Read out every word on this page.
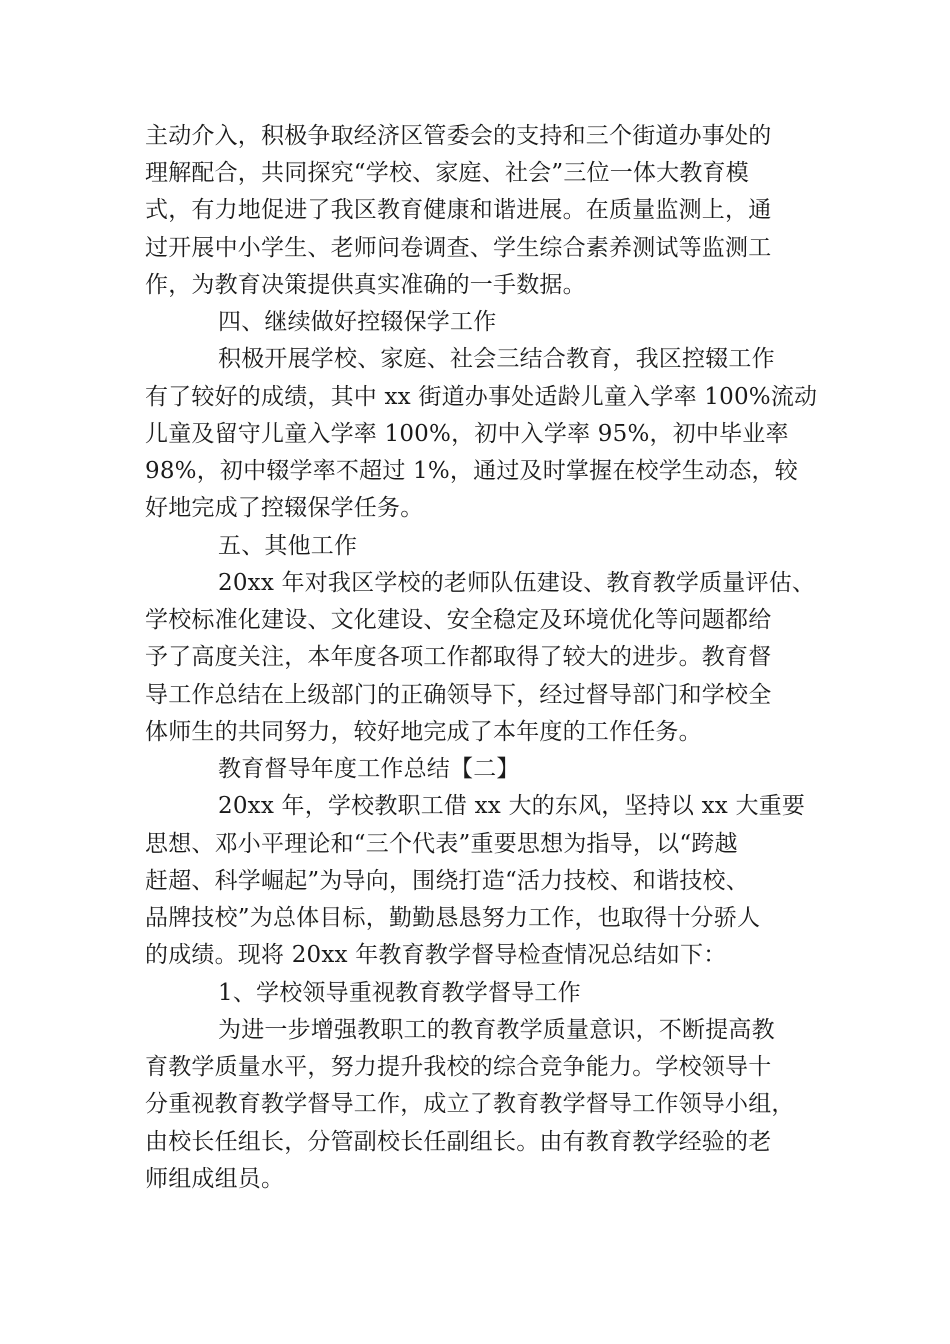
主动介入，积极争取经济区管委会的支持和三个街道办事处的

理解配合，共同探究“学校、家庭、社会”三位一体大教育模

式，有力地促进了我区教育健康和谐进展。在质量监测上，通

过开展中小学生、老师问卷调查、学生综合素养测试等监测工

作，为教育决策提供真实准确的一手数据。

四、继续做好控辍保学工作

积极开展学校、家庭、社会三结合教育，我区控辍工作

有了较好的成绩，其中 xx 街道办事处适龄儿童入学率 100%流动

儿童及留守儿童入学率 100%，初中入学率 95%，初中毕业率

98%，初中辍学率不超过 1%，通过及时掌握在校学生动态，较

好地完成了控辍保学任务。

五、其他工作

20xx 年对我区学校的老师队伍建设、教育教学质量评估、

学校标准化建设、文化建设、安全稳定及环境优化等问题都给

予了高度关注，本年度各项工作都取得了较大的进步。教育督

导工作总结在上级部门的正确领导下，经过督导部门和学校全

体师生的共同努力，较好地完成了本年度的工作任务。

教育督导年度工作总结【二】

20xx 年，学校教职工借 xx 大的东风，坚持以 xx 大重要

思想、邓小平理论和“三个代表”重要思想为指导，以“跨越

赶超、科学崛起”为导向，围绕打造“活力技校、和谐技校、

品牌技校”为总体目标，勤勤恳恳努力工作，也取得十分骄人

的成绩。现将 20xx 年教育教学督导检查情况总结如下：

1、学校领导重视教育教学督导工作

为进一步增强教职工的教育教学质量意识，不断提高教

育教学质量水平，努力提升我校的综合竞争能力。学校领导十

分重视教育教学督导工作，成立了教育教学督导工作领导小组，

由校长任组长，分管副校长任副组长。由有教育教学经验的老

师组成组员。
